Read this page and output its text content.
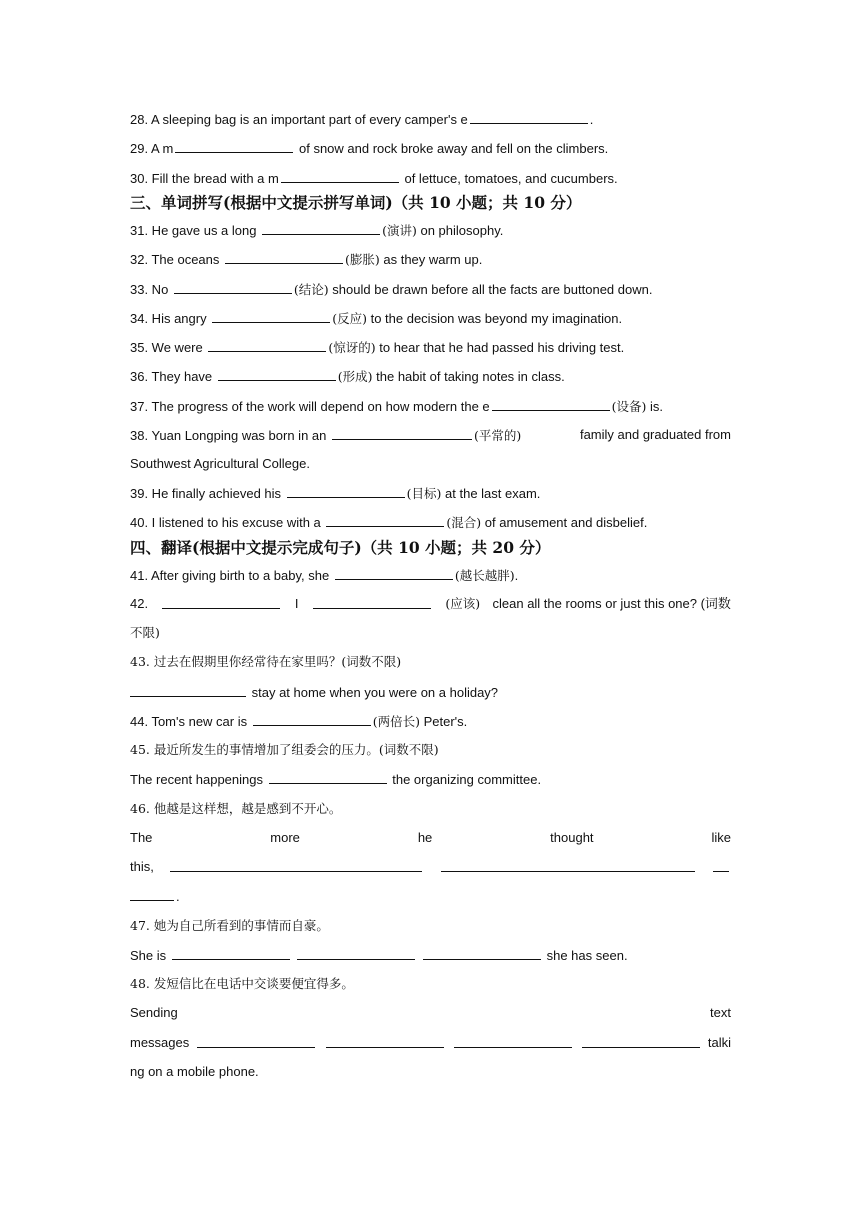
28. A sleeping bag is an important part of every camper's e	.
29. A m	of snow and rock broke away and fell on the climbers.
30. Fill the bread with a m	of lettuce, tomatoes, and cucumbers.
三、单词拼写(根据中文提示拼写单词)（共 10 小题；共 10 分）
31. He gave us a long	(演讲) on philosophy.
32. The oceans	(膨胀) as they warm up.
33. No	(结论) should be drawn before all the facts are buttoned down.
34. His angry	(反应) to the decision was beyond my imagination.
35. We were	(惊讶的) to hear that he had passed his driving test.
36. They have	(形成) the habit of taking notes in class.
37. The progress of the work will depend on how modern the e	(设备) is.
38. Yuan Longping was born in an	(平常的)	family and graduated from
Southwest Agricultural College.
39. He finally achieved his	(目标) at the last exam.
40. I listened to his excuse with a	(混合) of amusement and disbelief.
四、翻译(根据中文提示完成句子)（共 10 小题；共 20 分）
41. After giving birth to a baby, she	(越长越胖).
42.	I	(应该) clean all the rooms or just this one? (词数
不限)
43. 过去在假期里你经常待在家里吗？(词数不限)
stay at home when you were on a holiday?
44. Tom's new car is	(两倍长) Peter's.
45. 最近所发生的事情增加了组委会的压力。(词数不限)
The recent happenings	the organizing committee.
46. 他越是这样想，越是感到不开心。
The	more	he	thought	like
this,
.
47. 她为自己所看到的事情而自豪。
She is	she has seen.
48. 发短信比在电话中交谈要便宜得多。
Sending	text
messages	talki
ng on a mobile phone.
